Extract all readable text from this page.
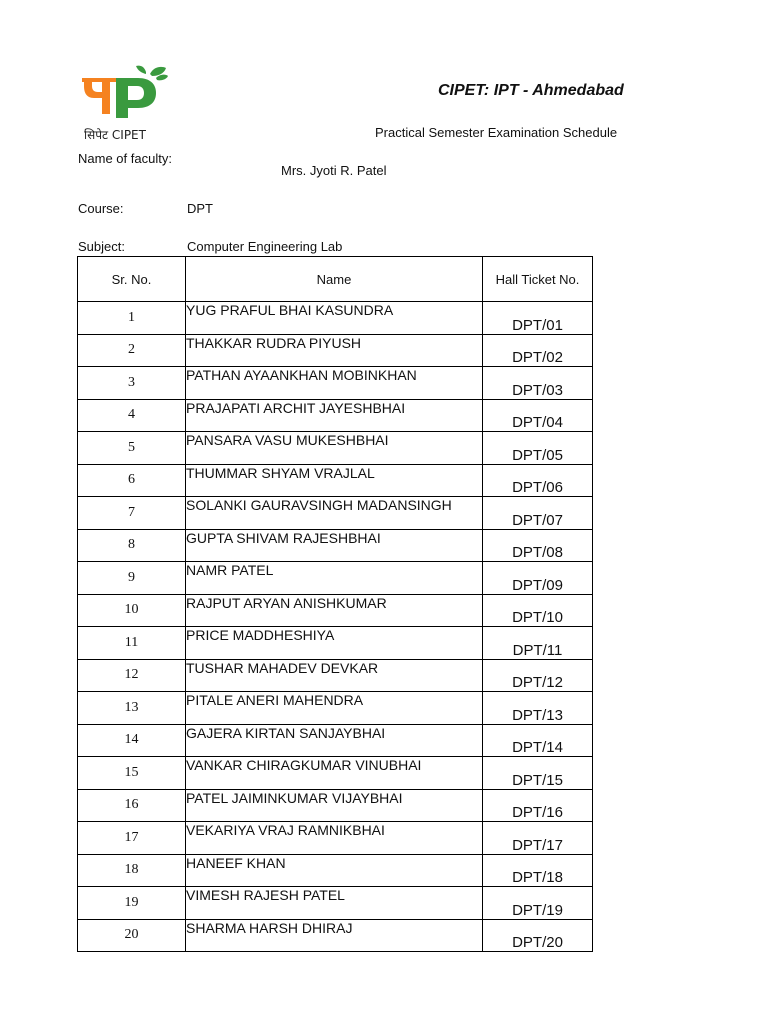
सिपेट CIPET
CIPET: IPT - Ahmedabad
Practical Semester Examination Schedule
Name of faculty:
Mrs. Jyoti R. Patel
Course:	DPT
Subject:	Computer Engineering Lab
Sr. No.	Name	Hall Ticket No.
1	YUG PRAFUL BHAI KASUNDRA	DPT/01
2	THAKKAR RUDRA PIYUSH	DPT/02
3	PATHAN AYAANKHAN MOBINKHAN	DPT/03
4	PRAJAPATI ARCHIT JAYESHBHAI	DPT/04
5	PANSARA VASU MUKESHBHAI	DPT/05
6	THUMMAR SHYAM VRAJLAL	DPT/06
7	SOLANKI GAURAVSINGH MADANSINGH	DPT/07
8	GUPTA SHIVAM RAJESHBHAI	DPT/08
9	NAMR PATEL	DPT/09
10	RAJPUT ARYAN ANISHKUMAR	DPT/10
11	PRICE MADDHESHIYA	DPT/11
12	TUSHAR MAHADEV DEVKAR	DPT/12
13	PITALE ANERI MAHENDRA	DPT/13
14	GAJERA KIRTAN SANJAYBHAI	DPT/14
15	VANKAR CHIRAGKUMAR VINUBHAI	DPT/15
16	PATEL JAIMINKUMAR VIJAYBHAI	DPT/16
17	VEKARIYA VRAJ RAMNIKBHAI	DPT/17
18	HANEEF KHAN	DPT/18
19	VIMESH RAJESH PATEL	DPT/19
20	SHARMA HARSH DHIRAJ	DPT/20
